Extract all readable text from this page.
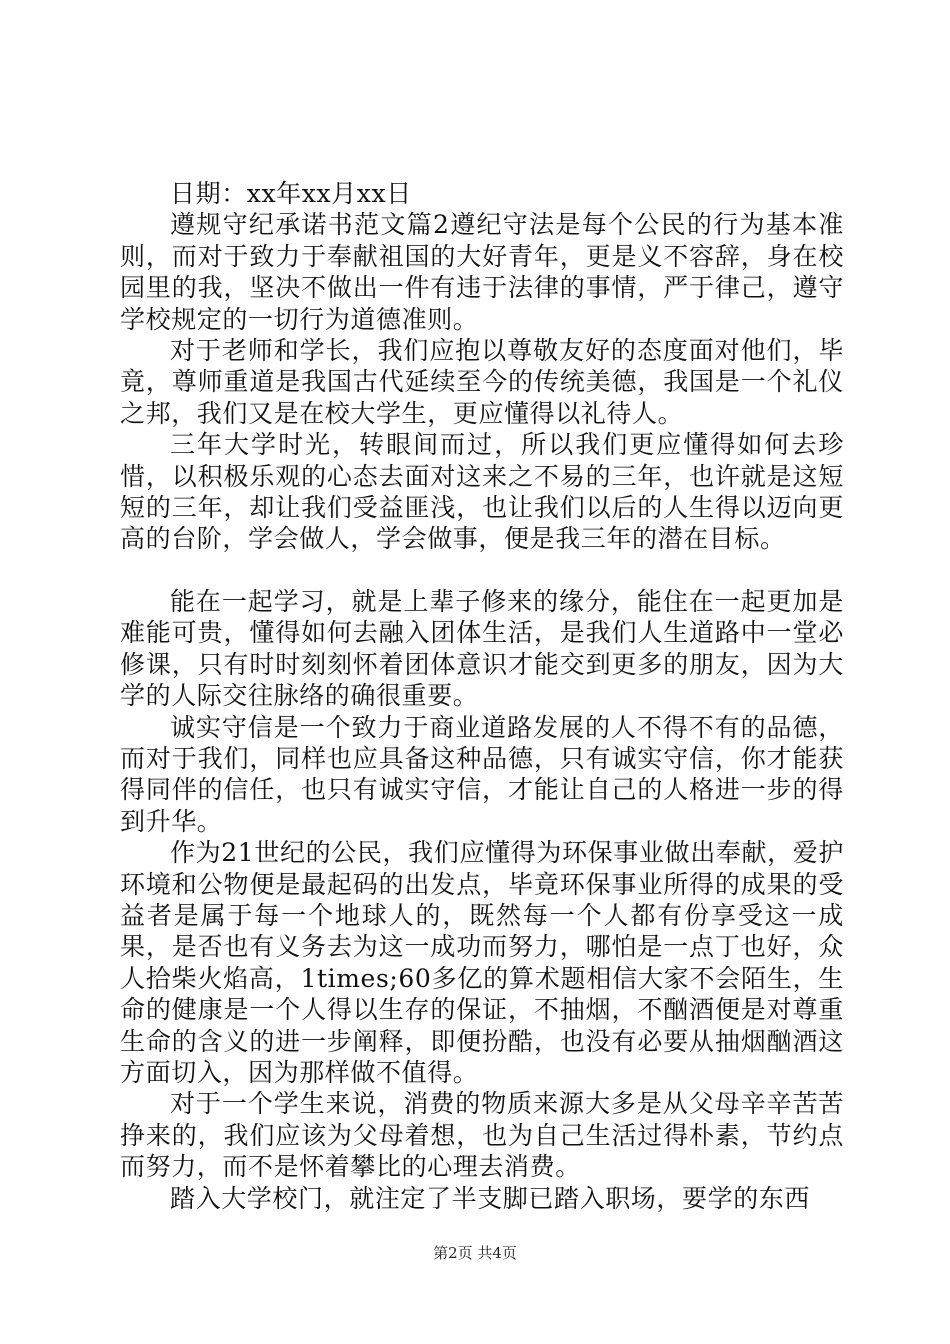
日期：xx年xx月xx日

遵规守纪承诺书范文篇2遵纪守法是每个公民的行为基本准则，而对于致力于奉献祖国的大好青年，更是义不容辞，身在校园里的我，坚决不做出一件有违于法律的事情，严于律己，遵守学校规定的一切行为道德准则。

对于老师和学长，我们应抱以尊敬友好的态度面对他们，毕竟，尊师重道是我国古代延续至今的传统美德，我国是一个礼仪之邦，我们又是在校大学生，更应懂得以礼待人。

三年大学时光，转眼间而过，所以我们更应懂得如何去珍惜，以积极乐观的心态去面对这来之不易的三年，也许就是这短短的三年，却让我们受益匪浅，也让我们以后的人生得以迈向更高的台阶，学会做人，学会做事，便是我三年的潜在目标。

能在一起学习，就是上辈子修来的缘分，能住在一起更加是难能可贵，懂得如何去融入团体生活，是我们人生道路中一堂必修课，只有时时刻刻怀着团体意识才能交到更多的朋友，因为大学的人际交往脉络的确很重要。

诚实守信是一个致力于商业道路发展的人不得不有的品德，而对于我们，同样也应具备这种品德，只有诚实守信，你才能获得同伴的信任，也只有诚实守信，才能让自己的人格进一步的得到升华。

作为21世纪的公民，我们应懂得为环保事业做出奉献，爱护环境和公物便是最起码的出发点，毕竟环保事业所得的成果的受益者是属于每一个地球人的，既然每一个人都有份享受这一成果，是否也有义务去为这一成功而努力，哪怕是一点丁也好，众人拾柴火焰高，1times;60多亿的算术题相信大家不会陌生，生命的健康是一个人得以生存的保证，不抽烟，不酗酒便是对尊重生命的含义的进一步阐释，即便扮酷，也没有必要从抽烟酗酒这方面切入，因为那样做不值得。

对于一个学生来说，消费的物质来源大多是从父母辛辛苦苦挣来的，我们应该为父母着想，也为自己生活过得朴素，节约点而努力，而不是怀着攀比的心理去消费。

踏入大学校门，就注定了半支脚已踏入职场，要学的东西

第2页 共4页
